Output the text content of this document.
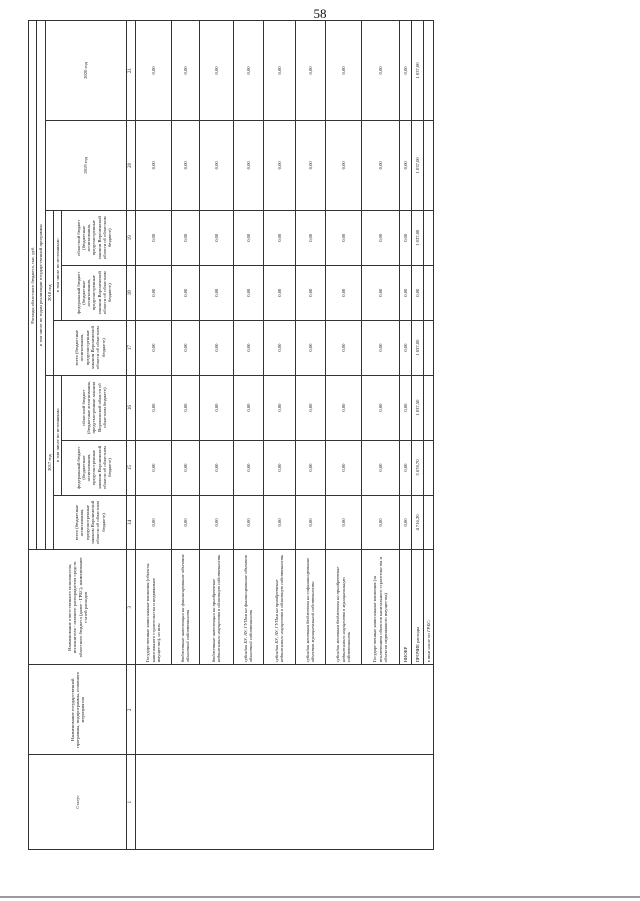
58
Статус	Наименование государственной программы, подпрограммы, основного мероприятия	Наименование ответственного исполнителя, исполнителя - главного распорядителя средств областного бюджета (далее - ГРБС), наименование статей расходов	Расходы областного бюджета, тыс. руб.							
			в том числе по годам реализации государственной программы							
			2017 год			2018 год			2019 год	2020 год
			всего (бюджетные ассигнования, предусмотренные законом Воронежской области об областном бюджете)	в том числе по источникам:		всего (бюджетные ассигнования, предусмотренные законом Воронежской области об областном бюджете)	в том числе по источникам:			
				федеральный бюджет (бюджетные ассигнования, предусмотренные законом Воронежской области об областном бюджете)	областной бюджет (бюджетные ассигнования, предусмотренные законом Воронежской области об областном бюджете)		федеральный бюджет (бюджетные ассигнования, предусмотренные законом Воронежской области об областном бюджете)	областной бюджет (бюджетные ассигнования, предусмотренные законом Воронежской области об областном бюджете)		
1	2	3	14	15	16	17	18	19	20	21
		Государственные капитальные вложения (объекты капитального строительства и недвижимое имущество), из них:	0,00	0,00	0,00	0,00	0,00	0,00	0,00	0,00
		бюджетные инвестиции на финансирование объектов областной собственности	0,00	0,00	0,00	0,00	0,00	0,00	0,00	0,00
		бюджетные инвестиции на приобретение недвижимого имущества в областную собственность	0,00	0,00	0,00	0,00	0,00	0,00	0,00	0,00
		субсидии БУ, АУ, ГУПам на финансирование объектов областной собственности	0,00	0,00	0,00	0,00	0,00	0,00	0,00	0,00
		субсидии БУ, АУ, ГУПам на приобретение недвижимого имущества в областную собственность	0,00	0,00	0,00	0,00	0,00	0,00	0,00	0,00
		субсидии местным бюджетам на софинансирование объектов муниципальной собственности	0,00	0,00	0,00	0,00	0,00	0,00	0,00	0,00
		субсидии местным бюджетам на приобретение недвижимого имущества в муниципальную собственность	0,00	0,00	0,00	0,00	0,00	0,00	0,00	0,00
		Государственные капитальные вложения (за исключением объектов капитального строительства и объектов недвижимого имущества)	0,00	0,00	0,00	0,00	0,00	0,00	0,00	0,00
		НИОКР	0,00	0,00	0,00	0,00	0,00	0,00	0,00	0,00
		ПРОЧИЕ расходы	4 716,20	3 678,70	1 037,50	1 037,00	0,00	1 037,00	1 037,00	1 037,00
		в том числе по ГРБС:								
